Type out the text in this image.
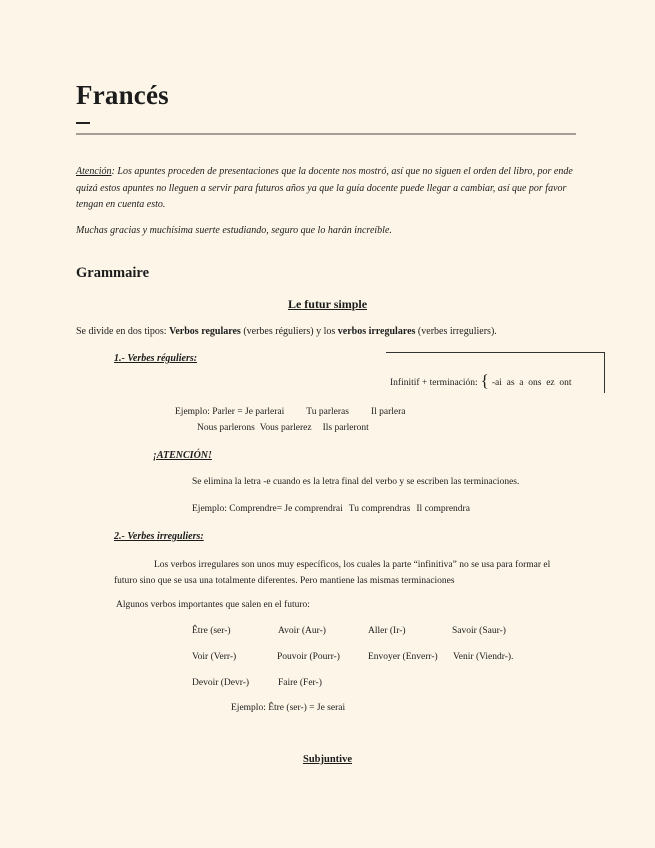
Francés
Atención: Los apuntes proceden de presentaciones que la docente nos mostró, así que no siguen el orden del libro, por ende quizá estos apuntes no lleguen a servir para futuros años ya que la guía docente puede llegar a cambiar, así que por favor tengan en cuenta esto.
Muchas gracias y muchísima suerte estudiando, seguro que lo harán increíble.
Grammaire
Le futur simple
Se divide en dos tipos: Verbos regulares (verbes réguliers) y los verbos irregulares (verbes irreguliers).
1.- Verbes réguliers:
Infinitif + terminación: { -ai as a ons ez ont
Ejemplo: Parler = Je parlerai Tu parleras Il parlera
Nous parlerons Vous parlerez Ils parleront
¡ATENCIÓN!
Se elimina la letra -e cuando es la letra final del verbo y se escriben las terminaciones.
Ejemplo: Comprendre= Je comprendrai Tu comprendras Il comprendra
2.- Verbes irreguliers:
Los verbos irregulares son unos muy específicos, los cuales la parte “infinitiva” no se usa para formar el futuro sino que se usa una totalmente diferentes. Pero mantiene las mismas terminaciones
Algunos verbos importantes que salen en el futuro:
Être (ser-)	Avoir (Aur-)	Aller (Ir-)	Savoir (Saur-)
Voir (Verr-)	Pouvoir (Pourr-)	Envoyer (Enverr-) Venir (Viendr-).
Devoir (Devr-)	Faire (Fer-)
Ejemplo: Être (ser-) = Je serai
Subjuntive
